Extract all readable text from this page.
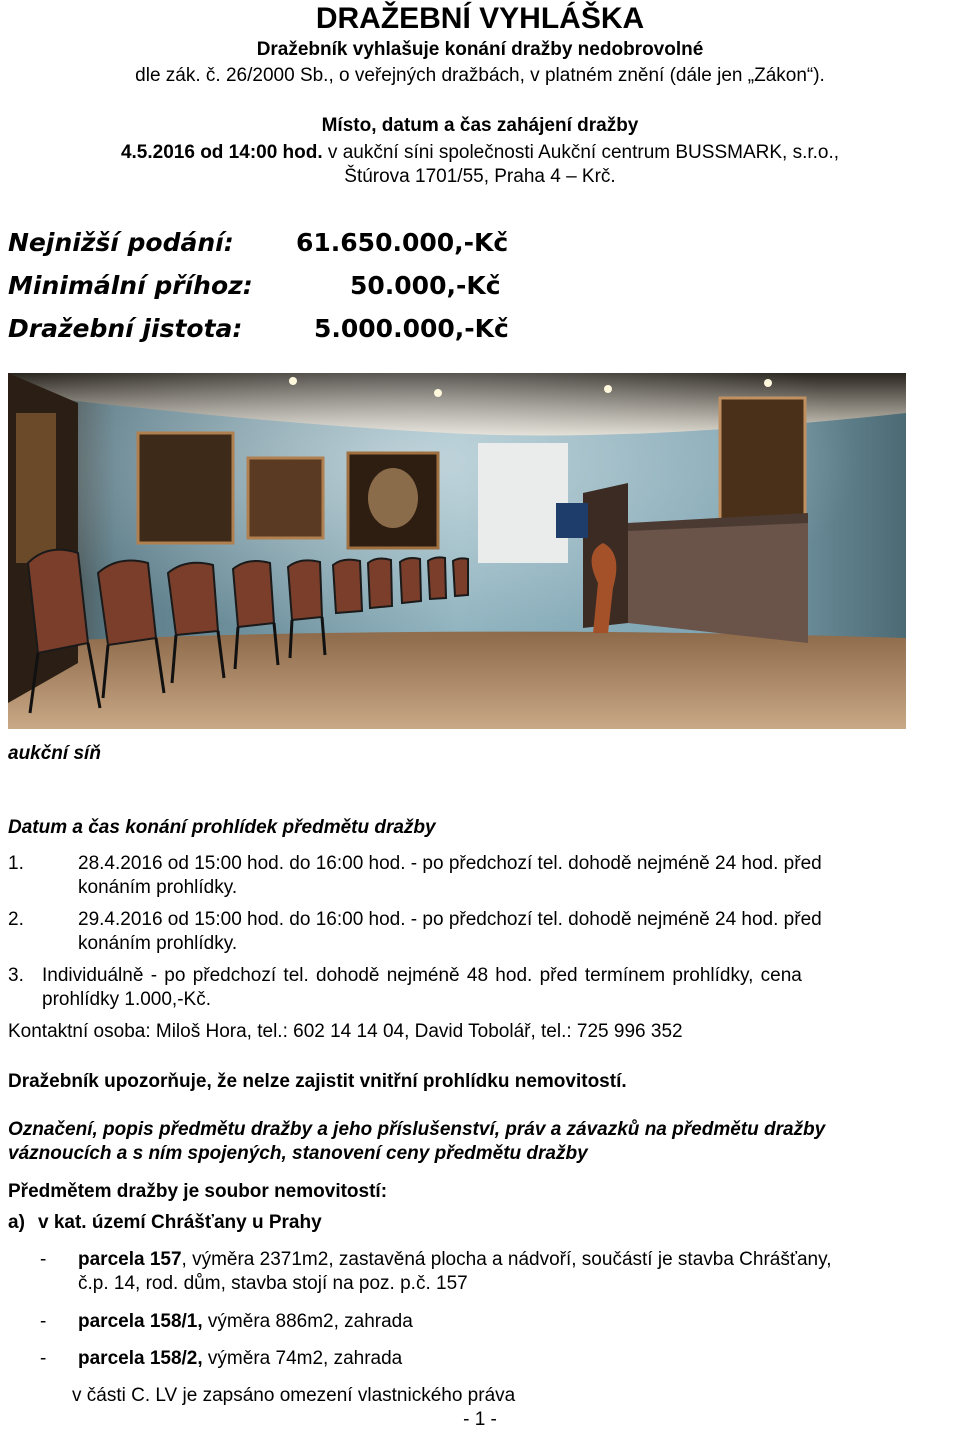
DRAŽEBNÍ VYHLÁŠKA
Dražebník vyhlašuje konání dražby nedobrovolné
dle zák. č. 26/2000 Sb., o veřejných dražbách, v platném znění (dále jen „Zákon“).
Místo, datum a čas zahájení dražby
4.5.2016 od 14:00 hod. v aukční síni společnosti Aukční centrum BUSSMARK, s.r.o.,
Štúrova 1701/55, Praha 4 – Krč.
Nejnižší podání: 61.650.000,-Kč
Minimální příhoz:	50.000,-Kč
Dražební jistota:	5.000.000,-Kč
aukční síň
Datum a čas konání prohlídek předmětu dražby
1.	28.4.2016 od 15:00 hod. do 16:00 hod. - po předchozí tel. dohodě nejméně 24 hod. před
konáním prohlídky.
2.	29.4.2016 od 15:00 hod. do 16:00 hod. - po předchozí tel. dohodě nejméně 24 hod. před
konáním prohlídky.
3. Individuálně - po předchozí tel. dohodě nejméně 48 hod. před termínem prohlídky, cena
prohlídky 1.000,-Kč.
Kontaktní osoba: Miloš Hora, tel.: 602 14 14 04, David Tobolář, tel.: 725 996 352
Dražebník upozorňuje, že nelze zajistit vnitřní prohlídku nemovitostí.
Označení, popis předmětu dražby a jeho příslušenství, práv a závazků na předmětu dražby
váznoucích a s ním spojených, stanovení ceny předmětu dražby
Předmětem dražby je soubor nemovitostí:
a) v kat. území Chrášťany u Prahy
- parcela 157, výměra 2371m2, zastavěná plocha a nádvoří, součástí je stavba Chrášťany,
č.p. 14, rod. dům, stavba stojí na poz. p.č. 157
- parcela 158/1, výměra 886m2, zahrada
- parcela 158/2, výměra 74m2, zahrada
v části C. LV je zapsáno omezení vlastnického práva
- 1 -
